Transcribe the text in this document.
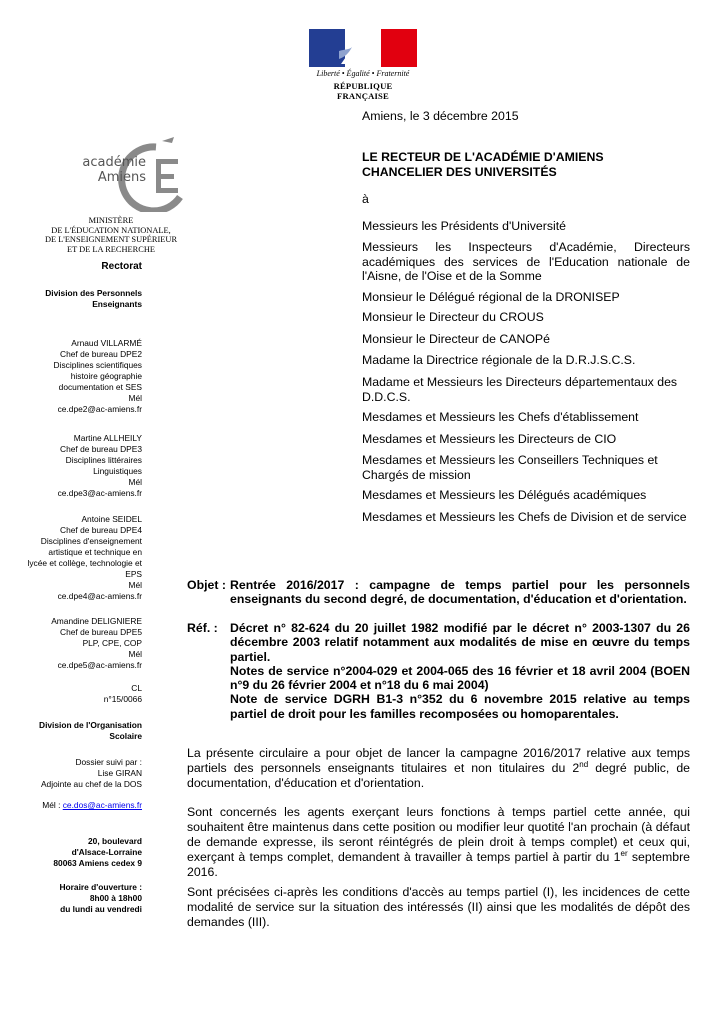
Liberté • Égalité • Fraternité
RÉPUBLIQUE FRANÇAISE
académie
Amiens
MINISTÈRE
DE L'ÉDUCATION NATIONALE,
DE L'ENSEIGNEMENT SUPÉRIEUR
ET DE LA RECHERCHE
Rectorat
Division des Personnels
Enseignants
Arnaud VILLARMÉ
Chef de bureau DPE2
Disciplines scientifiques
histoire géographie
documentation et SES
Mél
ce.dpe2@ac-amiens.fr
Martine ALLHEILY
Chef de bureau DPE3
Disciplines littéraires
Linguistiques
Mél
ce.dpe3@ac-amiens.fr
Antoine SEIDEL
Chef de bureau DPE4
Disciplines d'enseignement
artistique et technique en
lycée et collège, technologie et
EPS
Mél
ce.dpe4@ac-amiens.fr
Amandine DELIGNIERE
Chef de bureau DPE5
PLP, CPE, COP
Mél
ce.dpe5@ac-amiens.fr
CL
n°15/0066
Division de l'Organisation
Scolaire
Dossier suivi par :
Lise GIRAN
Adjointe au chef de la DOS
Mél : ce.dos@ac-amiens.fr
20, boulevard
d'Alsace-Lorraine
80063 Amiens cedex 9
Horaire d'ouverture :
8h00 à 18h00
du lundi au vendredi
Amiens, le 3 décembre 2015
LE RECTEUR DE L'ACADÉMIE D'AMIENS
CHANCELIER DES UNIVERSITÉS
à
Messieurs les Présidents d'Université
Messieurs les Inspecteurs d'Académie, Directeurs académiques des services de l'Education nationale de l'Aisne, de l'Oise et de la Somme
Monsieur le Délégué régional de la DRONISEP
Monsieur le Directeur du CROUS
Monsieur le Directeur de CANOPé
Madame la Directrice régionale de la D.R.J.S.C.S.
Madame et Messieurs les Directeurs départementaux des D.D.C.S.
Mesdames et Messieurs les Chefs d'établissement
Mesdames et Messieurs les Directeurs de CIO
Mesdames et Messieurs les Conseillers Techniques et Chargés de mission
Mesdames et Messieurs les Délégués académiques
Mesdames et Messieurs les Chefs de Division et de service
Objet : Rentrée 2016/2017 : campagne de temps partiel pour les personnels enseignants du second degré, de documentation, d'éducation et d'orientation.
Réf. : Décret n° 82-624 du 20 juillet 1982 modifié par le décret n° 2003-1307 du 26 décembre 2003 relatif notamment aux modalités de mise en œuvre du temps partiel.
Notes de service n°2004-029 et 2004-065 des 16 février et 18 avril 2004 (BOEN n°9 du 26 février 2004 et n°18 du 6 mai 2004)
Note de service DGRH B1-3 n°352 du 6 novembre 2015 relative au temps partiel de droit pour les familles recomposées ou homoparentales.
La présente circulaire a pour objet de lancer la campagne 2016/2017 relative aux temps partiels des personnels enseignants titulaires et non titulaires du 2nd degré public, de documentation, d'éducation et d'orientation.
Sont concernés les agents exerçant leurs fonctions à temps partiel cette année, qui souhaitent être maintenus dans cette position ou modifier leur quotité l'an prochain (à défaut de demande expresse, ils seront réintégrés de plein droit à temps complet) et ceux qui, exerçant à temps complet, demandent à travailler à temps partiel à partir du 1er septembre 2016.
Sont précisées ci-après les conditions d'accès au temps partiel (I), les incidences de cette modalité de service sur la situation des intéressés (II) ainsi que les modalités de dépôt des demandes (III).
